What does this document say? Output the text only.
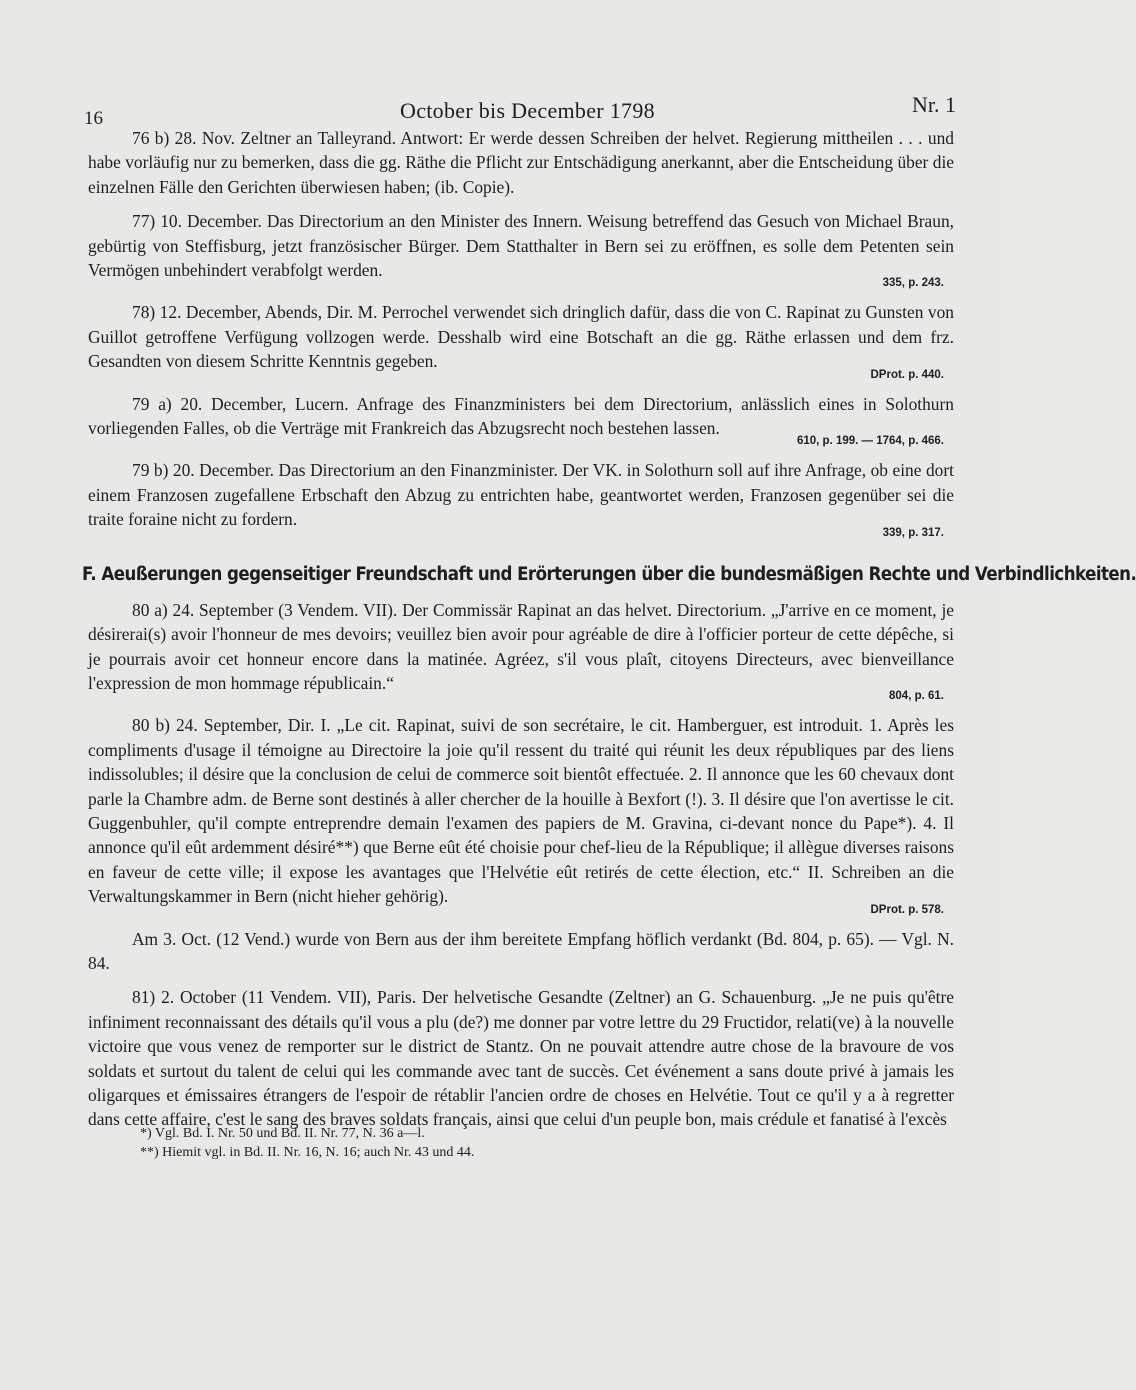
16	October bis December 1798	Nr. 1

76 b) 28. Nov. Zeltner an Talleyrand. Antwort: Er werde dessen Schreiben der helvet. Regierung mittheilen . . . und habe vorläufig nur zu bemerken, dass die gg. Räthe die Pflicht zur Entschädigung anerkannt, aber die Entscheidung über die einzelnen Fälle den Gerichten überwiesen haben; (ib. Copie).

77) 10. December. Das Directorium an den Minister des Innern. Weisung betreffend das Gesuch von Michael Braun, gebürtig von Steffisburg, jetzt französischer Bürger. Dem Statthalter in Bern sei zu eröffnen, es solle dem Petenten sein Vermögen unbehindert verabfolgt werden.
335, p. 243.

78) 12. December, Abends, Dir. M. Perrochel verwendet sich dringlich dafür, dass die von C. Rapinat zu Gunsten von Guillot getroffene Verfügung vollzogen werde. Desshalb wird eine Botschaft an die gg. Räthe erlassen und dem frz. Gesandten von diesem Schritte Kenntnis gegeben.
DProt. p. 440.

79 a) 20. December, Lucern. Anfrage des Finanzministers bei dem Directorium, anlässlich eines in Solothurn vorliegenden Falles, ob die Verträge mit Frankreich das Abzugsrecht noch bestehen lassen.
610, p. 199. — 1764, p. 466.

79 b) 20. December. Das Directorium an den Finanzminister. Der VK. in Solothurn soll auf ihre Anfrage, ob eine dort einem Franzosen zugefallene Erbschaft den Abzug zu entrichten habe, geantwortet werden, Franzosen gegenüber sei die traite foraine nicht zu fordern.
339, p. 317.

F. Aeußerungen gegenseitiger Freundschaft und Erörterungen über die bundesmäßigen Rechte und Verbindlichkeiten.

80 a) 24. September (3 Vendem. VII). Der Commissär Rapinat an das helvet. Directorium. „J'arrive en ce moment, je désirerai(s) avoir l'honneur de mes devoirs; veuillez bien avoir pour agréable de dire à l'officier porteur de cette dépêche, si je pourrais avoir cet honneur encore dans la matinée. Agréez, s'il vous plaît, citoyens Directeurs, avec bienveillance l'expression de mon hommage républicain.“
804, p. 61.

80 b) 24. September, Dir. I. „Le cit. Rapinat, suivi de son secrétaire, le cit. Hamberguer, est introduit. 1. Après les compliments d'usage il témoigne au Directoire la joie qu'il ressent du traité qui réunit les deux républiques par des liens indissolubles; il désire que la conclusion de celui de commerce soit bientôt effectuée. 2. Il annonce que les 60 chevaux dont parle la Chambre adm. de Berne sont destinés à aller chercher de la houille à Bexfort (!). 3. Il désire que l'on avertisse le cit. Guggenbuhler, qu'il compte entreprendre demain l'examen des papiers de M. Gravina, ci-devant nonce du Pape*). 4. Il annonce qu'il eût ardemment désiré**) que Berne eût été choisie pour chef-lieu de la République; il allègue diverses raisons en faveur de cette ville; il expose les avantages que l'Helvétie eût retirés de cette élection, etc.“ II. Schreiben an die Verwaltungskammer in Bern (nicht hieher gehörig).
DProt. p. 578.

Am 3. Oct. (12 Vend.) wurde von Bern aus der ihm bereitete Empfang höflich verdankt (Bd. 804, p. 65). — Vgl. N. 84.

81) 2. October (11 Vendem. VII), Paris. Der helvetische Gesandte (Zeltner) an G. Schauenburg. „Je ne puis qu'être infiniment reconnaissant des détails qu'il vous a plu (de?) me donner par votre lettre du 29 Fructidor, relati(ve) à la nouvelle victoire que vous venez de remporter sur le district de Stantz. On ne pouvait attendre autre chose de la bravoure de vos soldats et surtout du talent de celui qui les commande avec tant de succès. Cet événement a sans doute privé à jamais les oligarques et émissaires étrangers de l'espoir de rétablir l'ancien ordre de choses en Helvétie. Tout ce qu'il y a à regretter dans cette affaire, c'est le sang des braves soldats français, ainsi que celui d'un peuple bon, mais crédule et fanatisé à l'excès

*) Vgl. Bd. I. Nr. 50 und Bd. II. Nr. 77, N. 36 a—l.
**) Hiemit vgl. in Bd. II. Nr. 16, N. 16; auch Nr. 43 und 44.
